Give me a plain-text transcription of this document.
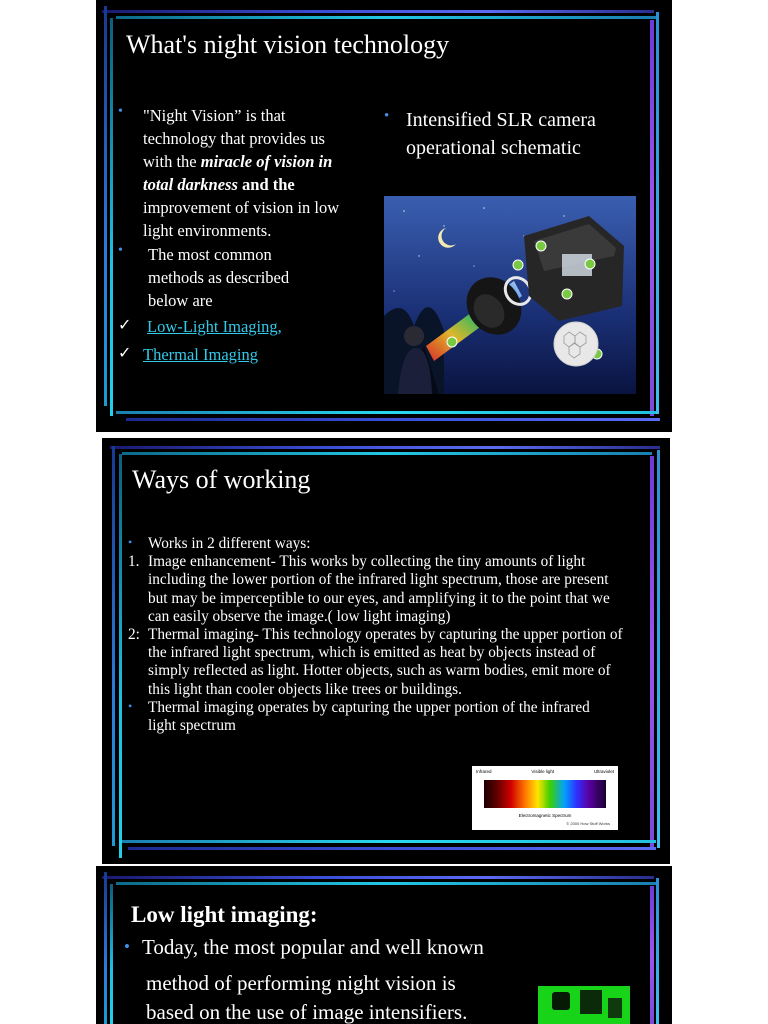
What's night vision technology
• "Night Vision” is that technology that provides us with the miracle of vision in total darkness and the
improvement of vision in low light environments.
•	The most common methods as described below are
✓ Low-Light Imaging,
✓ Thermal Imaging
• Intensified SLR camera operational schematic
Ways of working
• Works in 2 different ways:
1. Image enhancement- This works by collecting the tiny amounts of light including the lower portion of the infrared light spectrum, those are present but may be imperceptible to our eyes, and amplifying it to the point that we can easily observe the image.( low light imaging)
2: Thermal imaging- This technology operates by capturing the upper portion of the infrared light spectrum, which is emitted as heat by objects instead of simply reflected as light. Hotter objects, such as warm bodies, emit more of this light than cooler objects like trees or buildings.
• Thermal imaging operates by capturing the upper portion of the infrared light spectrum
Infrared	Visible light	Ultraviolet
Electromagnetic Spectrum
© 2000 How Stuff Works
Low light imaging:
• Today, the most popular and well known
method of performing night vision is
based on the use of image intensifiers.
